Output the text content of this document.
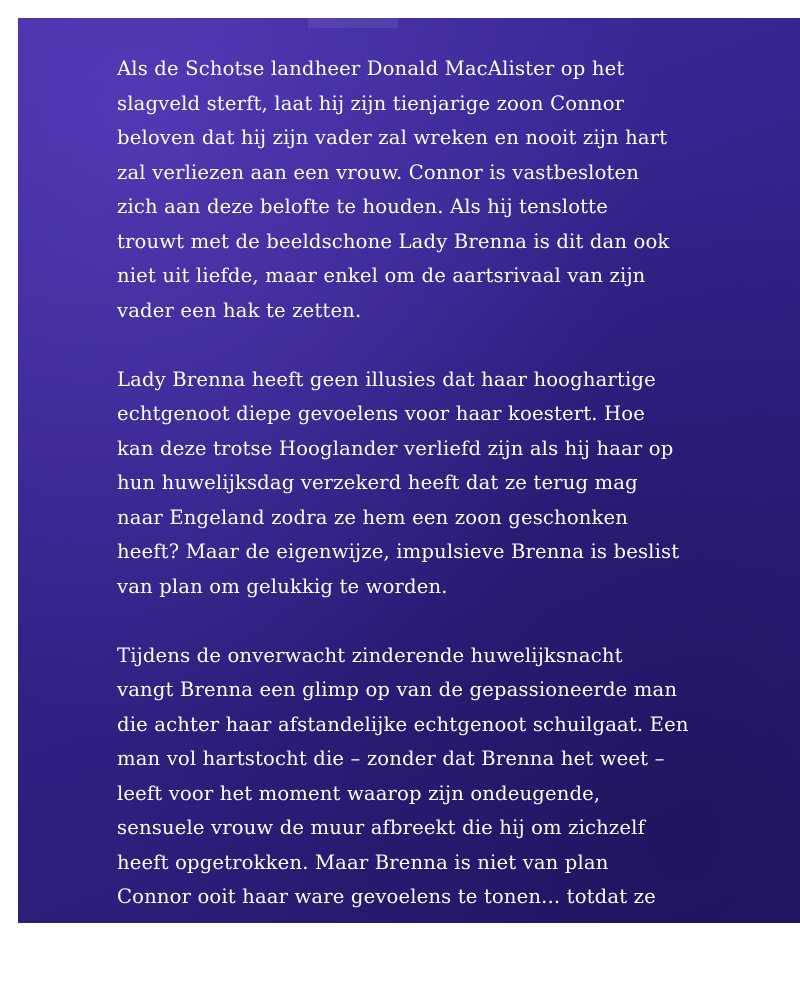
Als de Schotse landheer Donald MacAlister op het
slagveld sterft, laat hij zijn tienjarige zoon Connor
beloven dat hij zijn vader zal wreken en nooit zijn hart
zal verliezen aan een vrouw. Connor is vastbesloten
zich aan deze belofte te houden. Als hij tenslotte
trouwt met de beeldschone Lady Brenna is dit dan ook
niet uit liefde, maar enkel om de aartsrivaal van zijn
vader een hak te zetten.

Lady Brenna heeft geen illusies dat haar hooghartige
echtgenoot diepe gevoelens voor haar koestert. Hoe
kan deze trotse Hooglander verliefd zijn als hij haar op
hun huwelijksdag verzekerd heeft dat ze terug mag
naar Engeland zodra ze hem een zoon geschonken
heeft? Maar de eigenwijze, impulsieve Brenna is beslist
van plan om gelukkig te worden.

Tijdens de onverwacht zinderende huwelijksnacht
vangt Brenna een glimp op van de gepassioneerde man
die achter haar afstandelijke echtgenoot schuilgaat. Een
man vol hartstocht die – zonder dat Brenna het weet –
leeft voor het moment waarop zijn ondeugende,
sensuele vrouw de muur afbreekt die hij om zichzelf
heeft opgetrokken. Maar Brenna is niet van plan
Connor ooit haar ware gevoelens te tonen... totdat ze
in een web van gevaarlijke intriges verstrikt raakt.
